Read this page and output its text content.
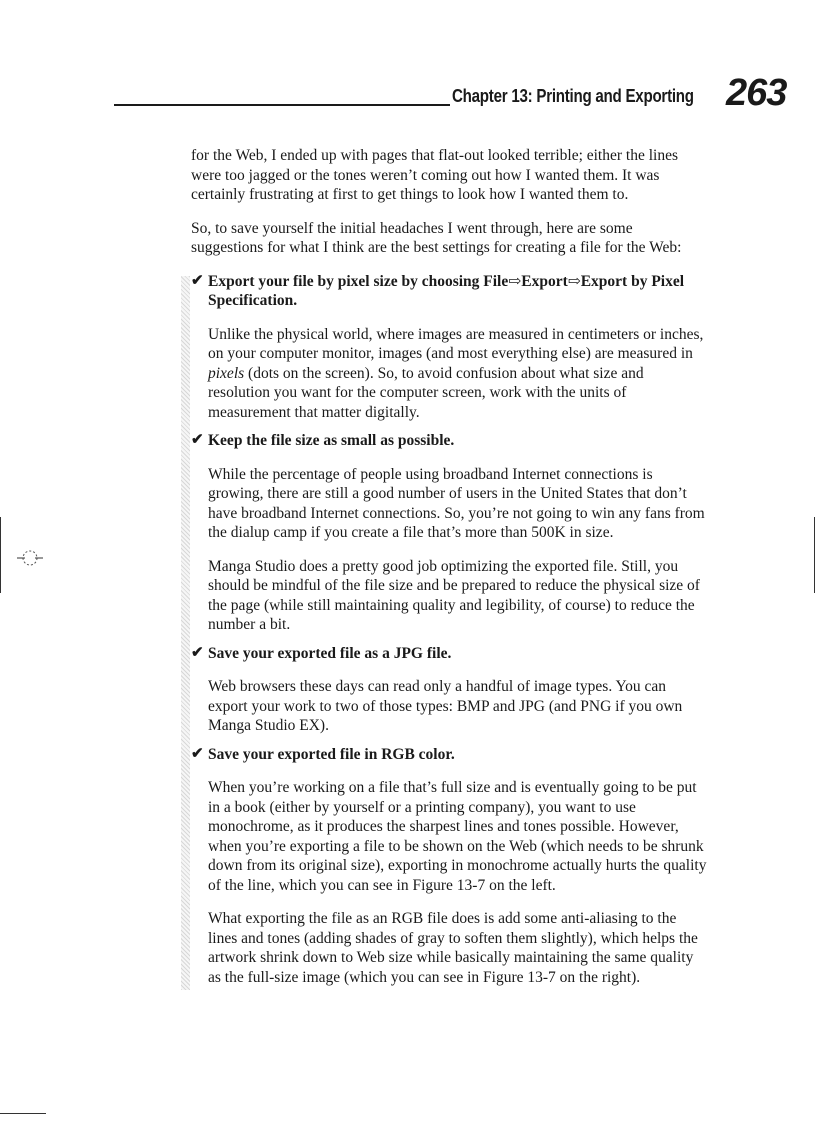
Chapter 13: Printing and Exporting 263

for the Web, I ended up with pages that flat-out looked terrible; either the lines were too jagged or the tones weren’t coming out how I wanted them. It was certainly frustrating at first to get things to look how I wanted them to.

So, to save yourself the initial headaches I went through, here are some suggestions for what I think are the best settings for creating a file for the Web:

✔ Export your file by pixel size by choosing File⇨Export⇨Export by Pixel Specification.

Unlike the physical world, where images are measured in centimeters or inches, on your computer monitor, images (and most everything else) are measured in pixels (dots on the screen). So, to avoid confusion about what size and resolution you want for the computer screen, work with the units of measurement that matter digitally.

✔ Keep the file size as small as possible.

While the percentage of people using broadband Internet connections is growing, there are still a good number of users in the United States that don’t have broadband Internet connections. So, you’re not going to win any fans from the dialup camp if you create a file that’s more than 500K in size.

Manga Studio does a pretty good job optimizing the exported file. Still, you should be mindful of the file size and be prepared to reduce the physical size of the page (while still maintaining quality and legibility, of course) to reduce the number a bit.

✔ Save your exported file as a JPG file.

Web browsers these days can read only a handful of image types. You can export your work to two of those types: BMP and JPG (and PNG if you own Manga Studio EX).

✔ Save your exported file in RGB color.

When you’re working on a file that’s full size and is eventually going to be put in a book (either by yourself or a printing company), you want to use monochrome, as it produces the sharpest lines and tones possible. However, when you’re exporting a file to be shown on the Web (which needs to be shrunk down from its original size), exporting in monochrome actually hurts the quality of the line, which you can see in Figure 13-7 on the left.

What exporting the file as an RGB file does is add some anti-aliasing to the lines and tones (adding shades of gray to soften them slightly), which helps the artwork shrink down to Web size while basically maintaining the same quality as the full-size image (which you can see in Figure 13-7 on the right).
